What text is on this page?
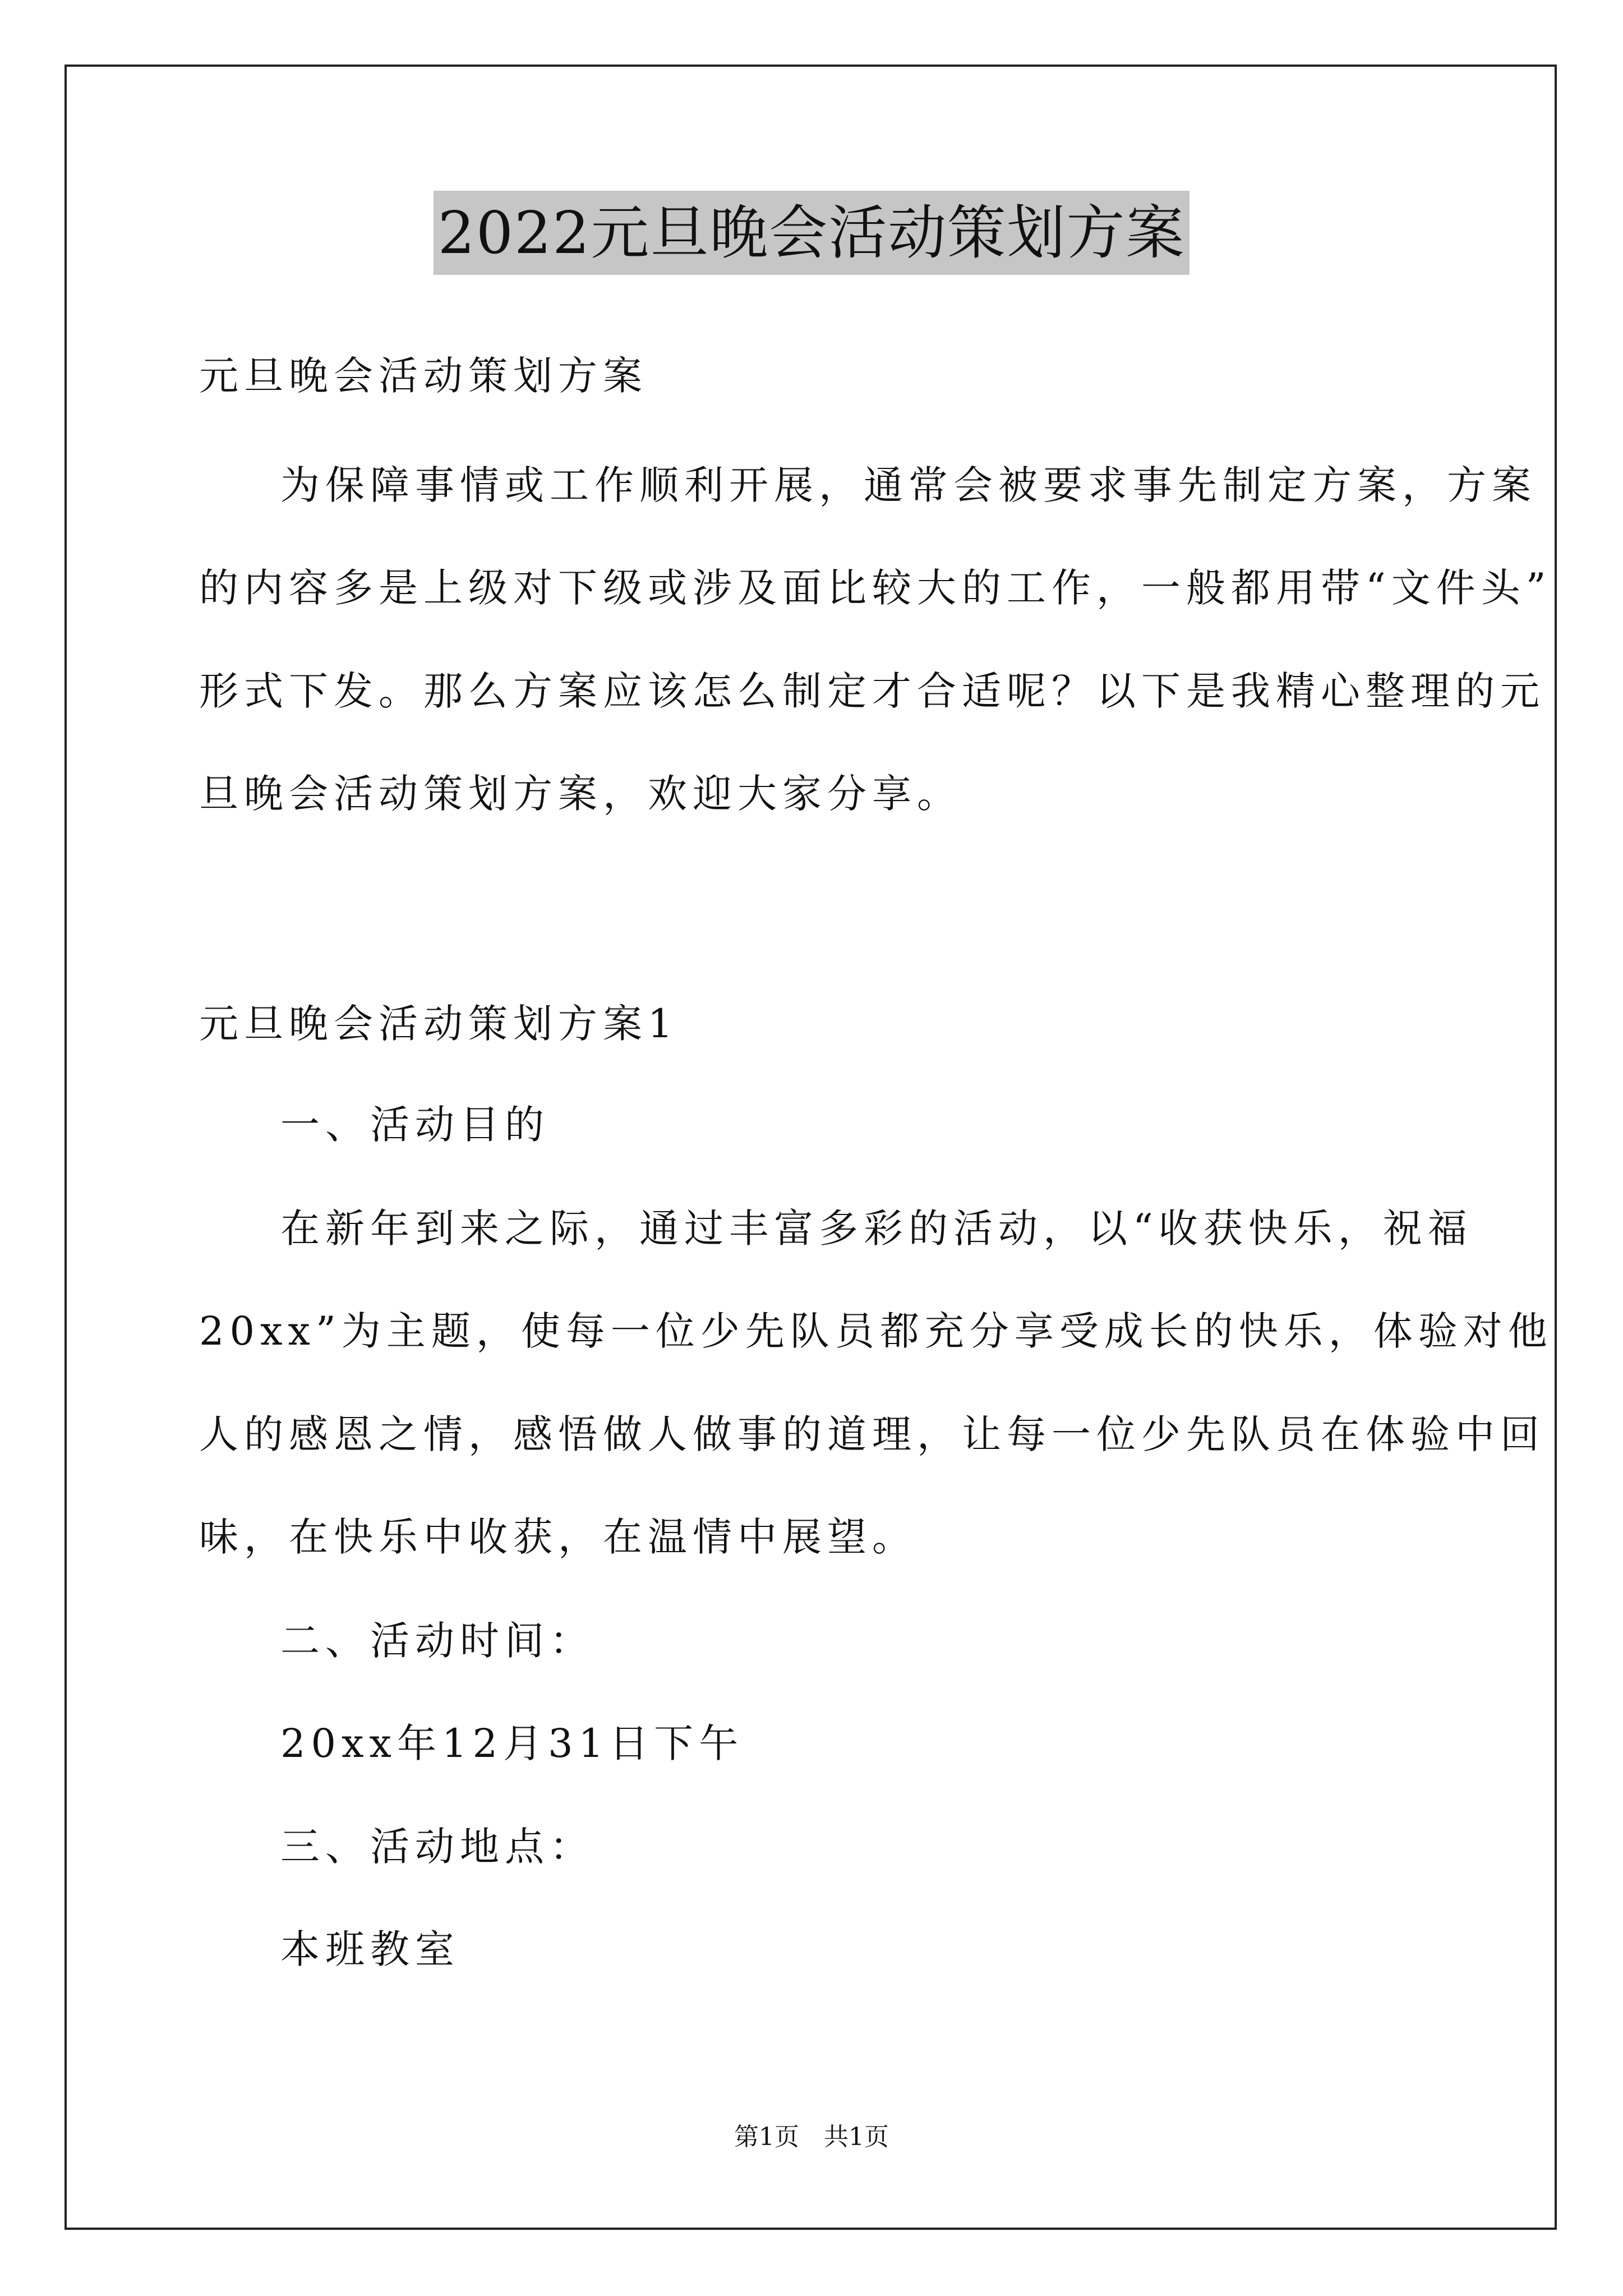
2022元旦晚会活动策划方案
元旦晚会活动策划方案
为保障事情或工作顺利开展，通常会被要求事先制定方案，方案
的内容多是上级对下级或涉及面比较大的工作，一般都用带“文件头”
形式下发。那么方案应该怎么制定才合适呢？以下是我精心整理的元
旦晚会活动策划方案，欢迎大家分享。
元旦晚会活动策划方案1
一、活动目的
在新年到来之际，通过丰富多彩的活动，以“收获快乐，祝福
20xx”为主题，使每一位少先队员都充分享受成长的快乐，体验对他
人的感恩之情，感悟做人做事的道理，让每一位少先队员在体验中回
味，在快乐中收获，在温情中展望。
二、活动时间：
20xx年12月31日下午
三、活动地点：
本班教室
第1页　共1页
